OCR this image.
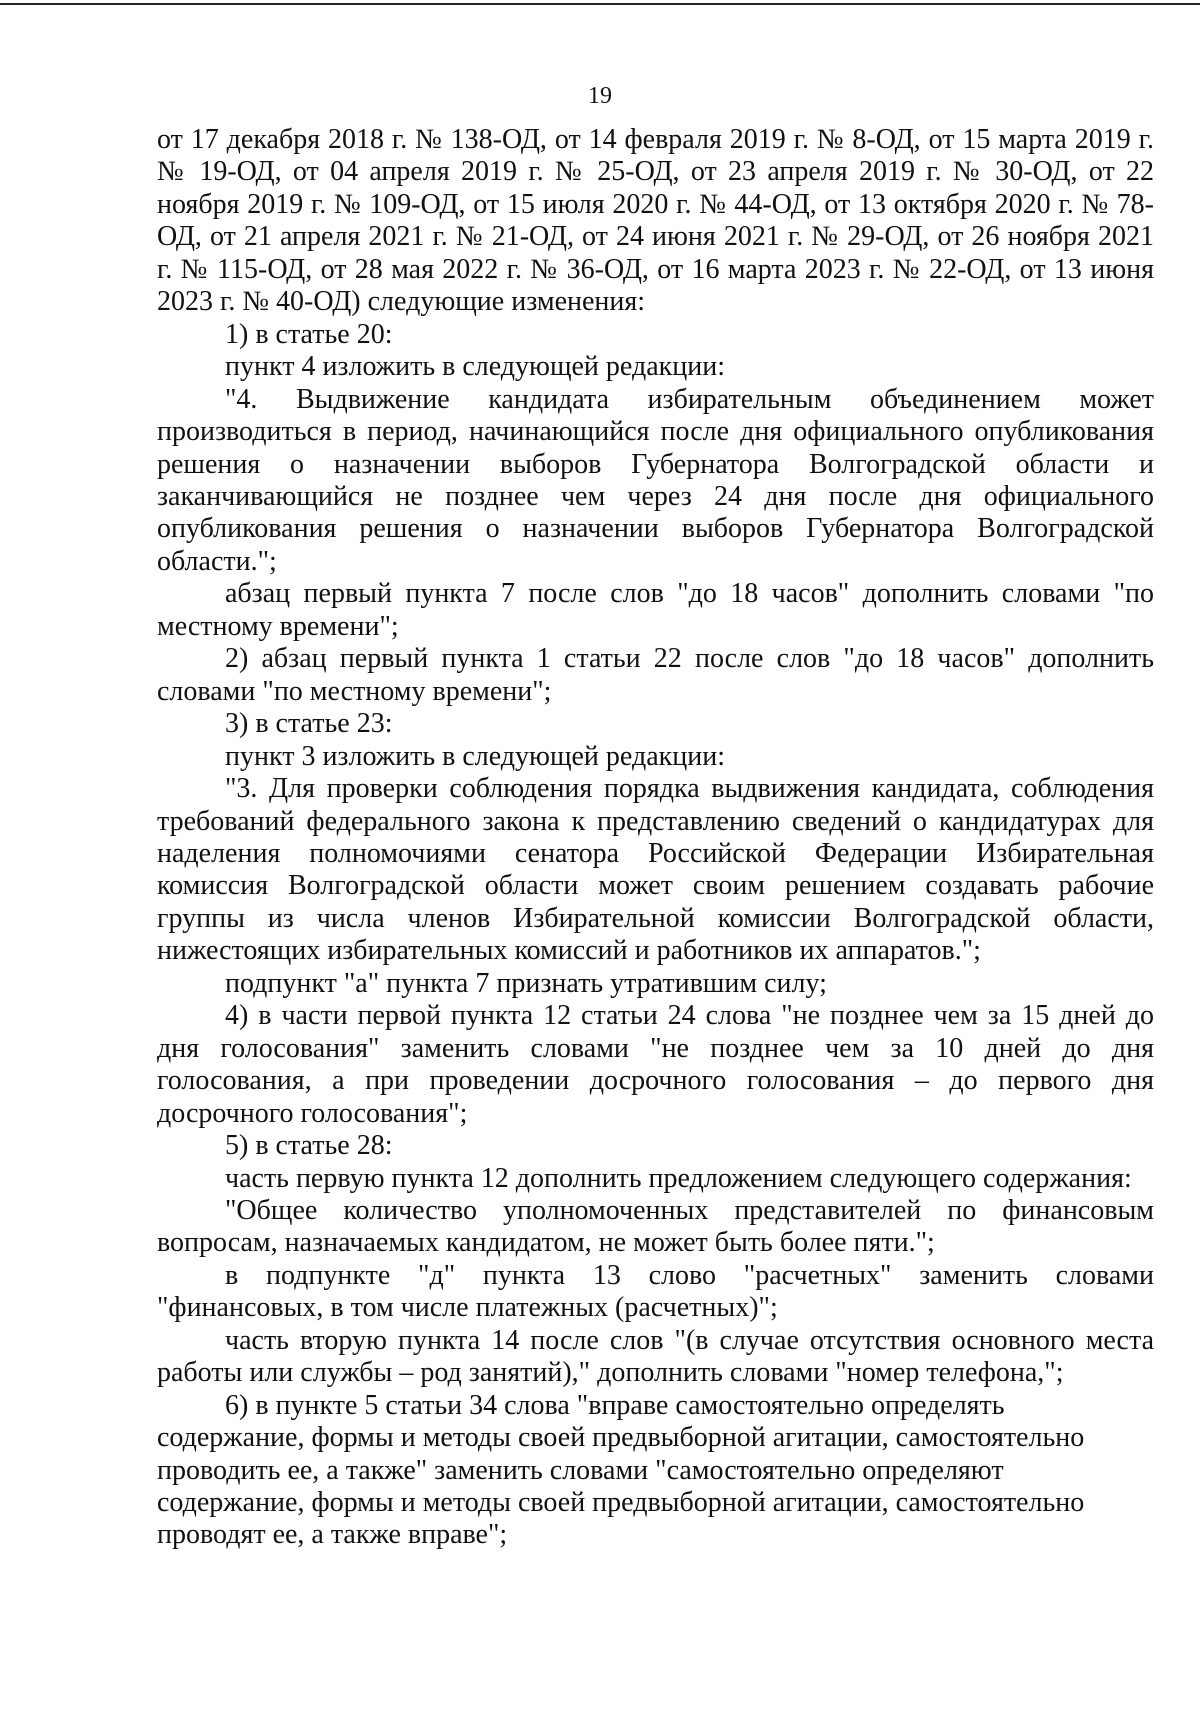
19

от 17 декабря 2018 г. № 138-ОД, от 14 февраля 2019 г. № 8-ОД, от 15 марта 2019 г. № 19-ОД, от 04 апреля 2019 г. № 25-ОД, от 23 апреля 2019 г. № 30-ОД, от 22 ноября 2019 г. № 109-ОД, от 15 июля 2020 г. № 44-ОД, от 13 октября 2020 г. № 78-ОД, от 21 апреля 2021 г. № 21-ОД, от 24 июня 2021 г. № 29-ОД, от 26 ноября 2021 г. № 115-ОД, от 28 мая 2022 г. № 36-ОД, от 16 марта 2023 г. № 22-ОД, от 13 июня 2023 г. № 40-ОД) следующие изменения:

1) в статье 20:

пункт 4 изложить в следующей редакции:

"4. Выдвижение кандидата избирательным объединением может производиться в период, начинающийся после дня официального опубликования решения о назначении выборов Губернатора Волгоградской области и заканчивающийся не позднее чем через 24 дня после дня официального опубликования решения о назначении выборов Губернатора Волгоградской области.";

абзац первый пункта 7 после слов "до 18 часов" дополнить словами "по местному времени";

2) абзац первый пункта 1 статьи 22 после слов "до 18 часов" дополнить словами "по местному времени";

3) в статье 23:

пункт 3 изложить в следующей редакции:

"3. Для проверки соблюдения порядка выдвижения кандидата, соблюдения требований федерального закона к представлению сведений о кандидатурах для наделения полномочиями сенатора Российской Федерации Избирательная комиссия Волгоградской области может своим решением создавать рабочие группы из числа членов Избирательной комиссии Волгоградской области, нижестоящих избирательных комиссий и работников их аппаратов.";

подпункт "а" пункта 7 признать утратившим силу;

4) в части первой пункта 12 статьи 24 слова "не позднее чем за 15 дней до дня голосования" заменить словами "не позднее чем за 10 дней до дня голосования, а при проведении досрочного голосования – до первого дня досрочного голосования";

5) в статье 28:

часть первую пункта 12 дополнить предложением следующего содержания:

"Общее количество уполномоченных представителей по финансовым вопросам, назначаемых кандидатом, не может быть более пяти.";

в подпункте "д" пункта 13 слово "расчетных" заменить словами "финансовых, в том числе платежных (расчетных)";

часть вторую пункта 14 после слов "(в случае отсутствия основного места работы или службы – род занятий)," дополнить словами "номер телефона,";

6) в пункте 5 статьи 34 слова "вправе самостоятельно определять содержание, формы и методы своей предвыборной агитации, самостоятельно проводить ее, а также" заменить словами "самостоятельно определяют содержание, формы и методы своей предвыборной агитации, самостоятельно проводят ее, а также вправе";
